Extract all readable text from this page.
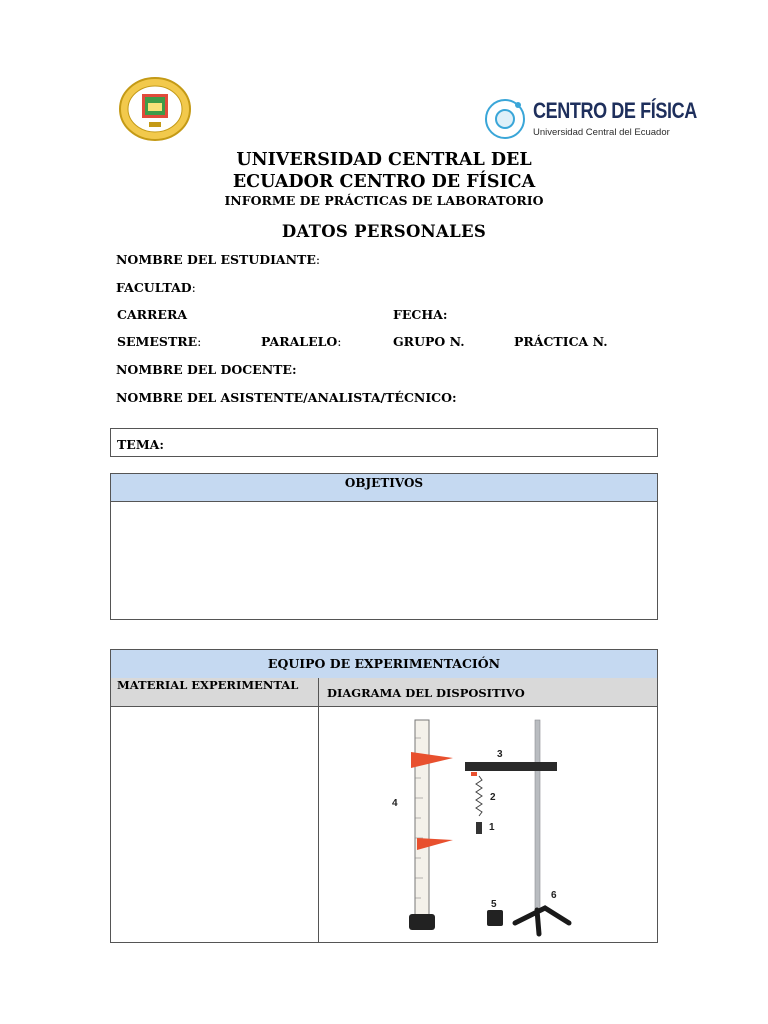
CENTRO DE FÍSICA
Universidad Central del Ecuador
UNIVERSIDAD CENTRAL DEL
ECUADOR CENTRO DE FÍSICA
INFORME DE PRÁCTICAS DE LABORATORIO
DATOS PERSONALES
NOMBRE DEL ESTUDIANTE:
FACULTAD:
CARRERA	FECHA:
SEMESTRE:	PARALELO:	GRUPO N.	PRÁCTICA N.
NOMBRE DEL DOCENTE:
NOMBRE DEL ASISTENTE/ANALISTA/TÉCNICO:
TEMA:
OBJETIVOS
EQUIPO DE EXPERIMENTACIÓN
MATERIAL EXPERIMENTAL
DIAGRAMA DEL DISPOSITIVO
1
2
3
4
5
6
